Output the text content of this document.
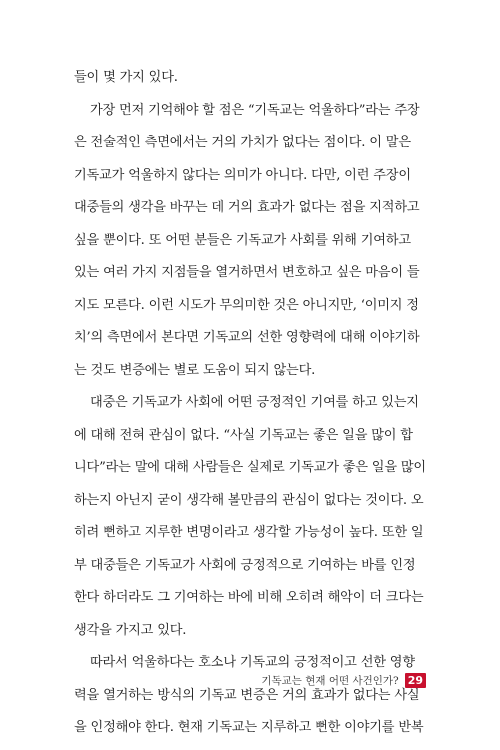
들이 몇 가지 있다.
가장 먼저 기억해야 할 점은 “기독교는 억울하다”라는 주장
은 전술적인 측면에서는 거의 가치가 없다는 점이다. 이 말은
기독교가 억울하지 않다는 의미가 아니다. 다만, 이런 주장이
대중들의 생각을 바꾸는 데 거의 효과가 없다는 점을 지적하고
싶을 뿐이다. 또 어떤 분들은 기독교가 사회를 위해 기여하고
있는 여러 가지 지점들을 열거하면서 변호하고 싶은 마음이 들
지도 모른다. 이런 시도가 무의미한 것은 아니지만, ‘이미지 정
치’의 측면에서 본다면 기독교의 선한 영향력에 대해 이야기하
는 것도 변증에는 별로 도움이 되지 않는다.
대중은 기독교가 사회에 어떤 긍정적인 기여를 하고 있는지
에 대해 전혀 관심이 없다. “사실 기독교는 좋은 일을 많이 합
니다”라는 말에 대해 사람들은 실제로 기독교가 좋은 일을 많이
하는지 아닌지 굳이 생각해 볼만큼의 관심이 없다는 것이다. 오
히려 뻔하고 지루한 변명이라고 생각할 가능성이 높다. 또한 일
부 대중들은 기독교가 사회에 긍정적으로 기여하는 바를 인정
한다 하더라도 그 기여하는 바에 비해 오히려 해악이 더 크다는
생각을 가지고 있다.
따라서 억울하다는 호소나 기독교의 긍정적이고 선한 영향
력을 열거하는 방식의 기독교 변증은 거의 효과가 없다는 사실
을 인정해야 한다. 현재 기독교는 지루하고 뻔한 이야기를 반복
기독교는 현재 어떤 사건인가? 29
